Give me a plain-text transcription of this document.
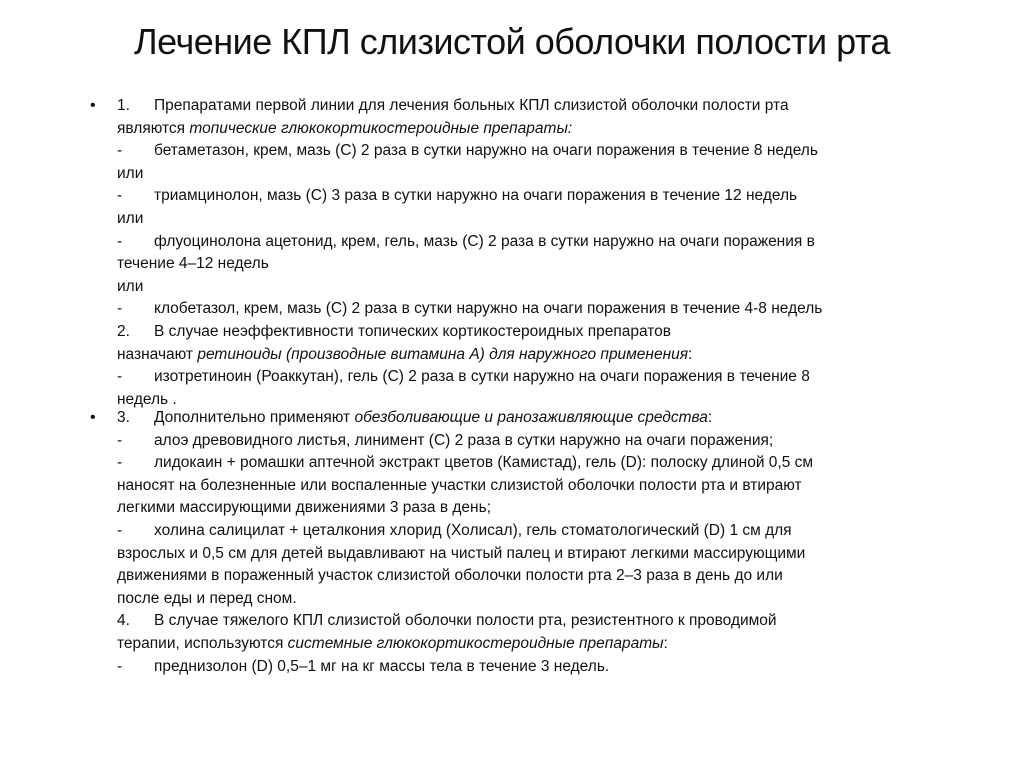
Лечение КПЛ слизистой оболочки полости рта
•	1. Препаратами первой линии для лечения больных КПЛ слизистой оболочки полости рта
являются топические глюкокортикостероидные препараты:
- бетаметазон, крем, мазь (С) 2 раза в сутки наружно на очаги поражения в течение 8 недель
или
- триамцинолон, мазь (С) 3 раза в сутки наружно на очаги поражения в течение 12 недель
или
- флуоцинолона ацетонид, крем, гель, мазь (С) 2 раза в сутки наружно на очаги поражения в
течение 4–12 недель
или
- клобетазол, крем, мазь (С) 2 раза в сутки наружно на очаги поражения в течение 4-8 недель
2. В случае неэффективности топических кортикостероидных препаратов
назначают ретиноиды (производные витамина А) для наружного применения:
- изотретиноин (Роаккутан), гель (С) 2 раза в сутки наружно на очаги поражения в течение 8
недель .
•	3. Дополнительно применяют обезболивающие и ранозаживляющие средства:
- алоэ древовидного листья, линимент (С) 2 раза в сутки наружно на очаги поражения;
- лидокаин + ромашки аптечной экстракт цветов (Камистад), гель (D): полоску длиной 0,5 см
наносят на болезненные или воспаленные участки слизистой оболочки полости рта и втирают
легкими массирующими движениями 3 раза в день;
- холина салицилат + цеталкония хлорид (Холисал), гель стоматологический (D) 1 см для
взрослых и 0,5 см для детей выдавливают на чистый палец и втирают легкими массирующими
движениями в пораженный участок слизистой оболочки полости рта 2–3 раза в день до или
после еды и перед сном.
4. В случае тяжелого КПЛ слизистой оболочки полости рта, резистентного к проводимой
терапии, используются системные глюкокортикостероидные препараты:
- преднизолон (D) 0,5–1 мг на кг массы тела в течение 3 недель.
